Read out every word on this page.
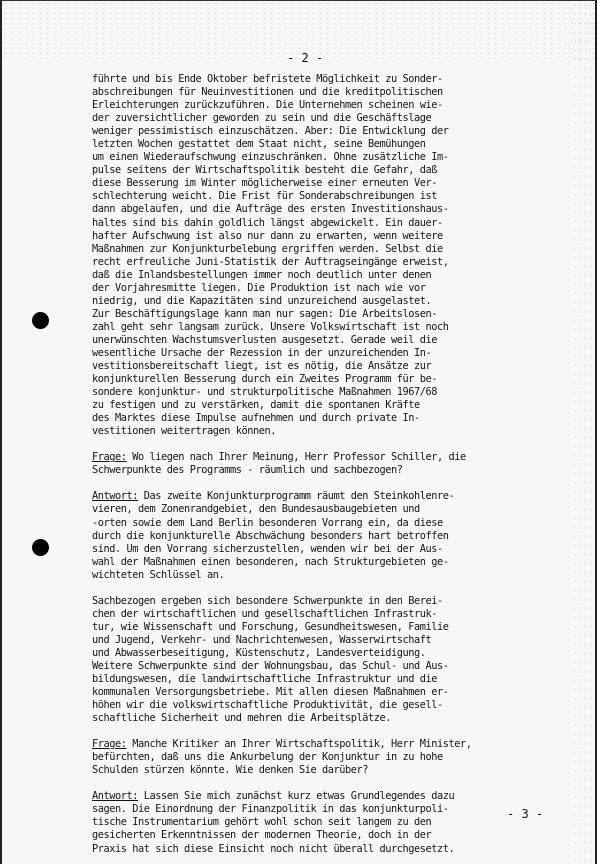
- 2 -
führte und bis Ende Oktober befristete Möglichkeit zu Sonder-
abschreibungen für Neuinvestitionen und die kreditpolitischen
Erleichterungen zurückzuführen. Die Unternehmen scheinen wie-
der zuversichtlicher geworden zu sein und die Geschäftslage
weniger pessimistisch einzuschätzen. Aber: Die Entwicklung der
letzten Wochen gestattet dem Staat nicht, seine Bemühungen
um einen Wiederaufschwung einzuschränken. Ohne zusätzliche Im-
pulse seitens der Wirtschaftspolitik besteht die Gefahr, daß
diese Besserung im Winter möglicherweise einer erneuten Ver-
schlechterung weicht. Die Frist für Sonderabschreibungen ist
dann abgelaufen, und die Aufträge des ersten Investitionshaus-
haltes sind bis dahin goldlich längst abgewickelt. Ein dauer-
hafter Aufschwung ist also nur dann zu erwarten, wenn weitere
Maßnahmen zur Konjunkturbelebung ergriffen werden. Selbst die
recht erfreuliche Juni-Statistik der Auftragseingänge erweist,
daß die Inlandsbestellungen immer noch deutlich unter denen
der Vorjahresmitte liegen. Die Produktion ist nach wie vor
niedrig, und die Kapazitäten sind unzureichend ausgelastet.
Zur Beschäftigungslage kann man nur sagen: Die Arbeitslosen-
zahl geht sehr langsam zurück. Unsere Volkswirtschaft ist noch
unerwünschten Wachstumsverlusten ausgesetzt. Gerade weil die
wesentliche Ursache der Rezession in der unzureichenden In-
vestitionsbereitschaft liegt, ist es nötig, die Ansätze zur
konjunkturellen Besserung durch ein Zweites Programm für be-
sondere konjunktur- und strukturpolitische Maßnahmen 1967/68
zu festigen und zu verstärken, damit die spontanen Kräfte
des Marktes diese Impulse aufnehmen und durch private In-
vestitionen weitertragen können.
Frage: Wo liegen nach Ihrer Meinung, Herr Professor Schiller, die
Schwerpunkte des Programms - räumlich und sachbezogen?
Antwort: Das zweite Konjunkturprogramm räumt den Steinkohlenre-
vieren, dem Zonenrandgebiet, den Bundesausbaugebieten und
-orten sowie dem Land Berlin besonderen Vorrang ein, da diese
durch die konjunkturelle Abschwächung besonders hart betroffen
sind. Um den Vorrang sicherzustellen, wenden wir bei der Aus-
wahl der Maßnahmen einen besonderen, nach Strukturgebieten ge-
wichteten Schlüssel an.
Sachbezogen ergeben sich besondere Schwerpunkte in den Berei-
chen der wirtschaftlichen und gesellschaftlichen Infrastruk-
tur, wie Wissenschaft und Forschung, Gesundheitswesen, Familie
und Jugend, Verkehr- und Nachrichtenwesen, Wasserwirtschaft
und Abwasserbeseitigung, Küstenschutz, Landesverteidigung.
Weitere Schwerpunkte sind der Wohnungsbau, das Schul- und Aus-
bildungswesen, die landwirtschaftliche Infrastruktur und die
kommunalen Versorgungsbetriebe. Mit allen diesen Maßnahmen er-
höhen wir die volkswirtschaftliche Produktivität, die gesell-
schaftliche Sicherheit und mehren die Arbeitsplätze.
Frage: Manche Kritiker an Ihrer Wirtschaftspolitik, Herr Minister,
befürchten, daß uns die Ankurbelung der Konjunktur in zu hohe
Schulden stürzen könnte. Wie denken Sie darüber?
Antwort: Lassen Sie mich zunächst kurz etwas Grundlegendes dazu
sagen. Die Einordnung der Finanzpolitik in das konjunkturpoli-
tische Instrumentarium gehört wohl schon seit langem zu den
gesicherten Erkenntnissen der modernen Theorie, doch in der
Praxis hat sich diese Einsicht noch nicht überall durchgesetzt.
- 3 -
